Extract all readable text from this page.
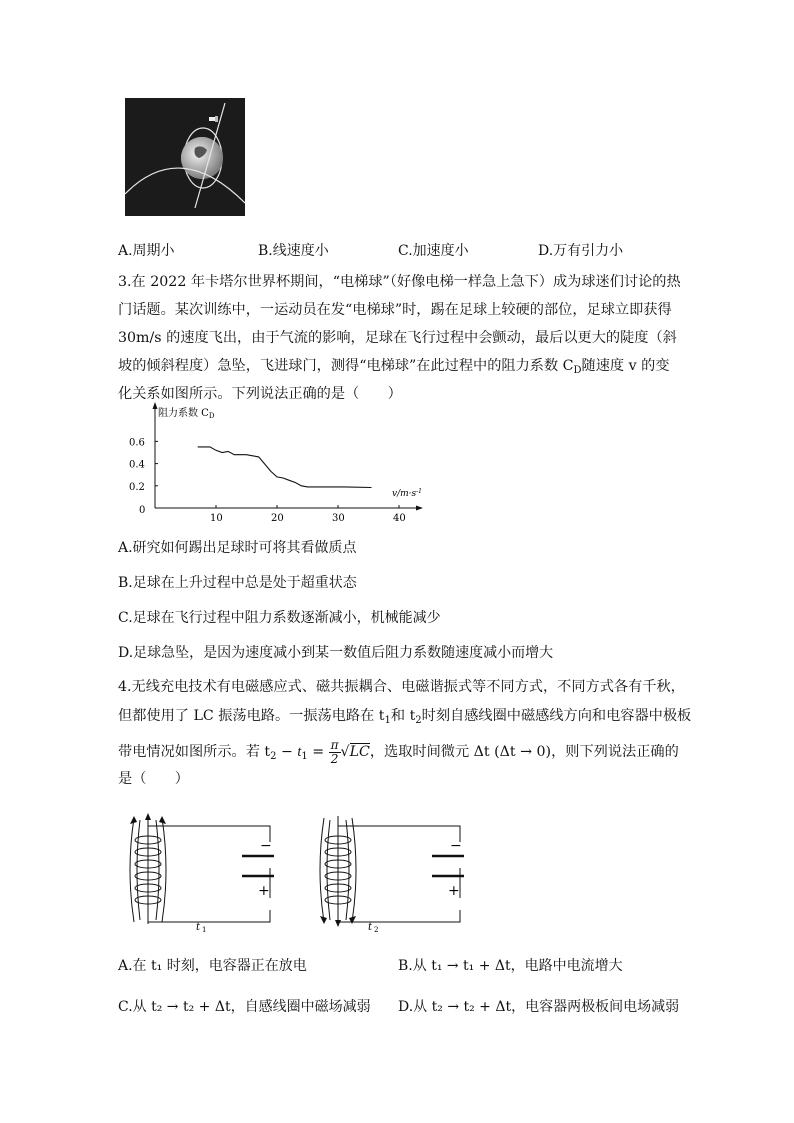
A.周期小	B.线速度小	C.加速度小	D.万有引力小
3.在 2022 年卡塔尔世界杯期间，“电梯球”（好像电梯一样急上急下）成为球迷们讨论的热
门话题。某次训练中，一运动员在发“电梯球”时，踢在足球上较硬的部位，足球立即获得
30m/s 的速度飞出，由于气流的影响，足球在飞行过程中会颤动，最后以更大的陡度（斜
坡的倾斜程度）急坠，飞进球门，测得“电梯球”在此过程中的阻力系数 $C_D$随速度 v 的变
化关系如图所示。下列说法正确的是（　　）
阻力系数 $C_D$
$v/m\cdot s^{-1}$
0
10	20	30	40
0.2
0.4
0.6
A.研究如何踢出足球时可将其看做质点
B.足球在上升过程中总是处于超重状态
C.足球在飞行过程中阻力系数逐渐减小，机械能减少
D.足球急坠，是因为速度减小到某一数值后阻力系数随速度减小而增大
4.无线充电技术有电磁感应式、磁共振耦合、电磁谐振式等不同方式，不同方式各有千秋，
但都使用了 LC 振荡电路。一振荡电路在 $t_1$和 $t_2$时刻自感线圈中磁感线方向和电容器中极板
带电情况如图所示。若 $t_2 - t_1 = \frac{\pi}{2} √LC$，选取时间微元 Δt (Δt → 0)，则下列说法正确的
是（　　）
−
+
t 1
−
+
t 2
A.在 t₁ 时刻，电容器正在放电	B.从 t₁ → t₁ + Δt，电路中电流增大
C.从 t₂ → t₂ + Δt，自感线圈中磁场减弱 D.从 t₂ → t₂ + Δt，电容器两极板间电场减弱
